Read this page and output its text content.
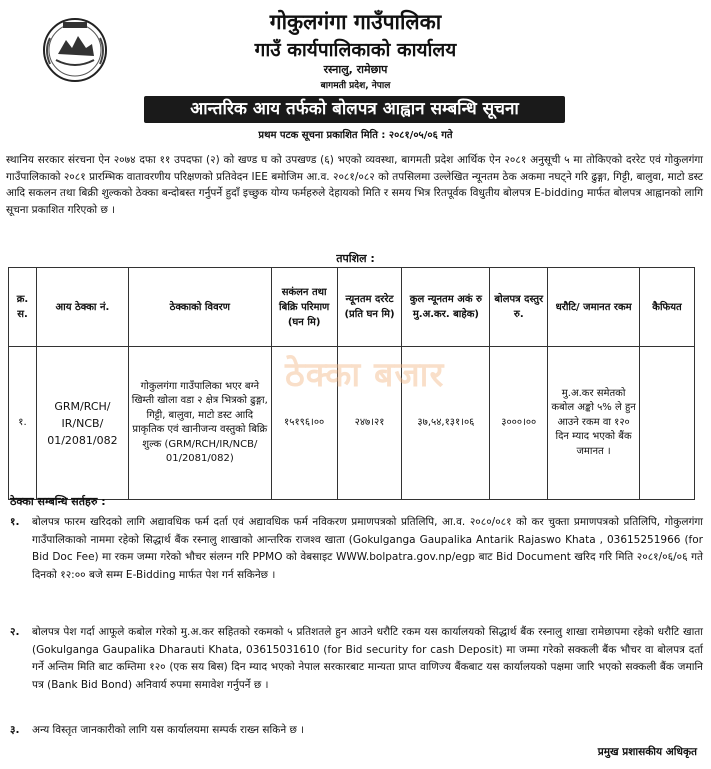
गोकुलगंगा गाउँपालिका
गाउँ कार्यपालिकाको कार्यालय
रस्नालु, रामेछाप
बागमती प्रदेश, नेपाल
आन्तरिक आय तर्फको बोलपत्र आह्वान सम्बन्धि सूचना
प्रथम पटक सूचना प्रकाशित मिति : २०८१/०५/०६ गते
स्थानिय सरकार संरचना ऐन २०७४ दफा ११ उपदफा (२) को खण्ड घ को उपखण्ड (६) भएको व्यवस्था, बागमती प्रदेश आर्थिक ऐन २०८१ अनुसूची ५ मा तोकिएको दररेट एवं गोकुलगंगा गाउँपालिकाको २०८१ प्रारम्भिक वातावरणीय परिक्षणको प्रतिवेदन IEE बमोजिम आ.व. २०८१/०८२ को तपसिलमा उल्लेखित न्यूनतम ठेक अकमा नघट्ने गरि ढुङ्गा, गिट्टी, बालुवा, माटो डस्ट आदि सकलन तथा बिक्री शुल्कको ठेक्का बन्दोबस्त गर्नुपर्ने हुदाँ इच्छुक योग्य फर्महरुले देहायको मिति र समय भित्र रितपूर्वक विधुतीय बोलपत्र E-bidding मार्फत बोलपत्र आह्वानको लागि सूचना प्रकाशित गरिएको छ ।
तपशिल :
क्र. स.	आय ठेक्का नं.	ठेक्काको विवरण	सकंलन तथा बिक्रि परिमाण (घन मि)	न्यूनतम दररेट (प्रति घन मि)	कुल न्यूनतम अकं रु मु.अ.कर. बाहेक)	बोलपत्र दस्तुर रु.	धरौटि/ जमानत रकम	कैफियत
१.	GRM/RCH/ IR/NCB/ 01/2081/082	गोकुलगंगा गाउँपालिका भएर बग्ने खिम्ती खोला वडा २ क्षेत्र भित्रको ढुङ्गा, गिट्टी, बालुवा, माटो डस्ट आदि प्राकृतिक एवं खानीजन्य वस्तुको बिक्रि शुल्क (GRM/RCH/IR/NCB/ 01/2081/082)	१५१९६।००	२४७।२१	३७,५४,१३१।०६	३०००।००	मु.अ.कर समेतको कबोल अङ्को ५% ले हुन आउने रकम वा १२० दिन म्याद भएको बैंक जमानत ।	
ठेक्का बजार
ठेक्का सम्बन्धि सर्तहरु :
१.	बोलपत्र फारम खरिदको लागि अद्यावधिक फर्म दर्ता एवं अद्यावधिक फर्म नविकरण प्रमाणपत्रको प्रतिलिपि, आ.व. २०८०/०८१ को कर चुक्ता प्रमाणपत्रको प्रतिलिपि, गोकुलगंगा गाउँपालिकाको नाममा रहेको सिद्धार्थ बैंक रस्नालु शाखाको आन्तरिक राजश्व खाता (Gokulganga Gaupalika Antarik Rajaswo Khata , 03615251966 (for Bid Doc Fee) मा रकम जम्मा गरेको भौचर संलग्न गरि PPMO को वेबसाइट WWW.bolpatra.gov.np/egp बाट Bid Document खरिद गरि मिति २०८१/०६/०६ गते दिनको १२:०० बजे सम्म E-Bidding मार्फत पेश गर्न सकिनेछ ।
२.	बोलपत्र पेश गर्दा आफूले कबोल गरेको मु.अ.कर सहितको रकमको ५ प्रतिशतले हुन आउने धरौटि रकम यस कार्यालयको सिद्धार्थ बैंक रस्नालु शाखा रामेछापमा रहेको धरौटि खाता (Gokulganga Gaupalika Dharauti Khata, 03615031610 (for Bid security for cash Deposit) मा जम्मा गरेको सक्कली बैंक भौचर वा बोलपत्र दर्ता गर्ने अन्तिम मिति बाट कम्तिमा १२० (एक सय बिस) दिन म्याद भएको नेपाल सरकारबाट मान्यता प्राप्त वाणिज्य बैंकबाट यस कार्यालयको पक्षमा जारि भएको सक्कली बैंक जमानि पत्र (Bank Bid Bond) अनिवार्य रुपमा समावेश गर्नुपर्ने छ ।
३.	अन्य विस्तृत जानकारीको लागि यस कार्यालयमा सम्पर्क राख्न सकिने छ ।
प्रमुख प्रशासकीय अधिकृत
